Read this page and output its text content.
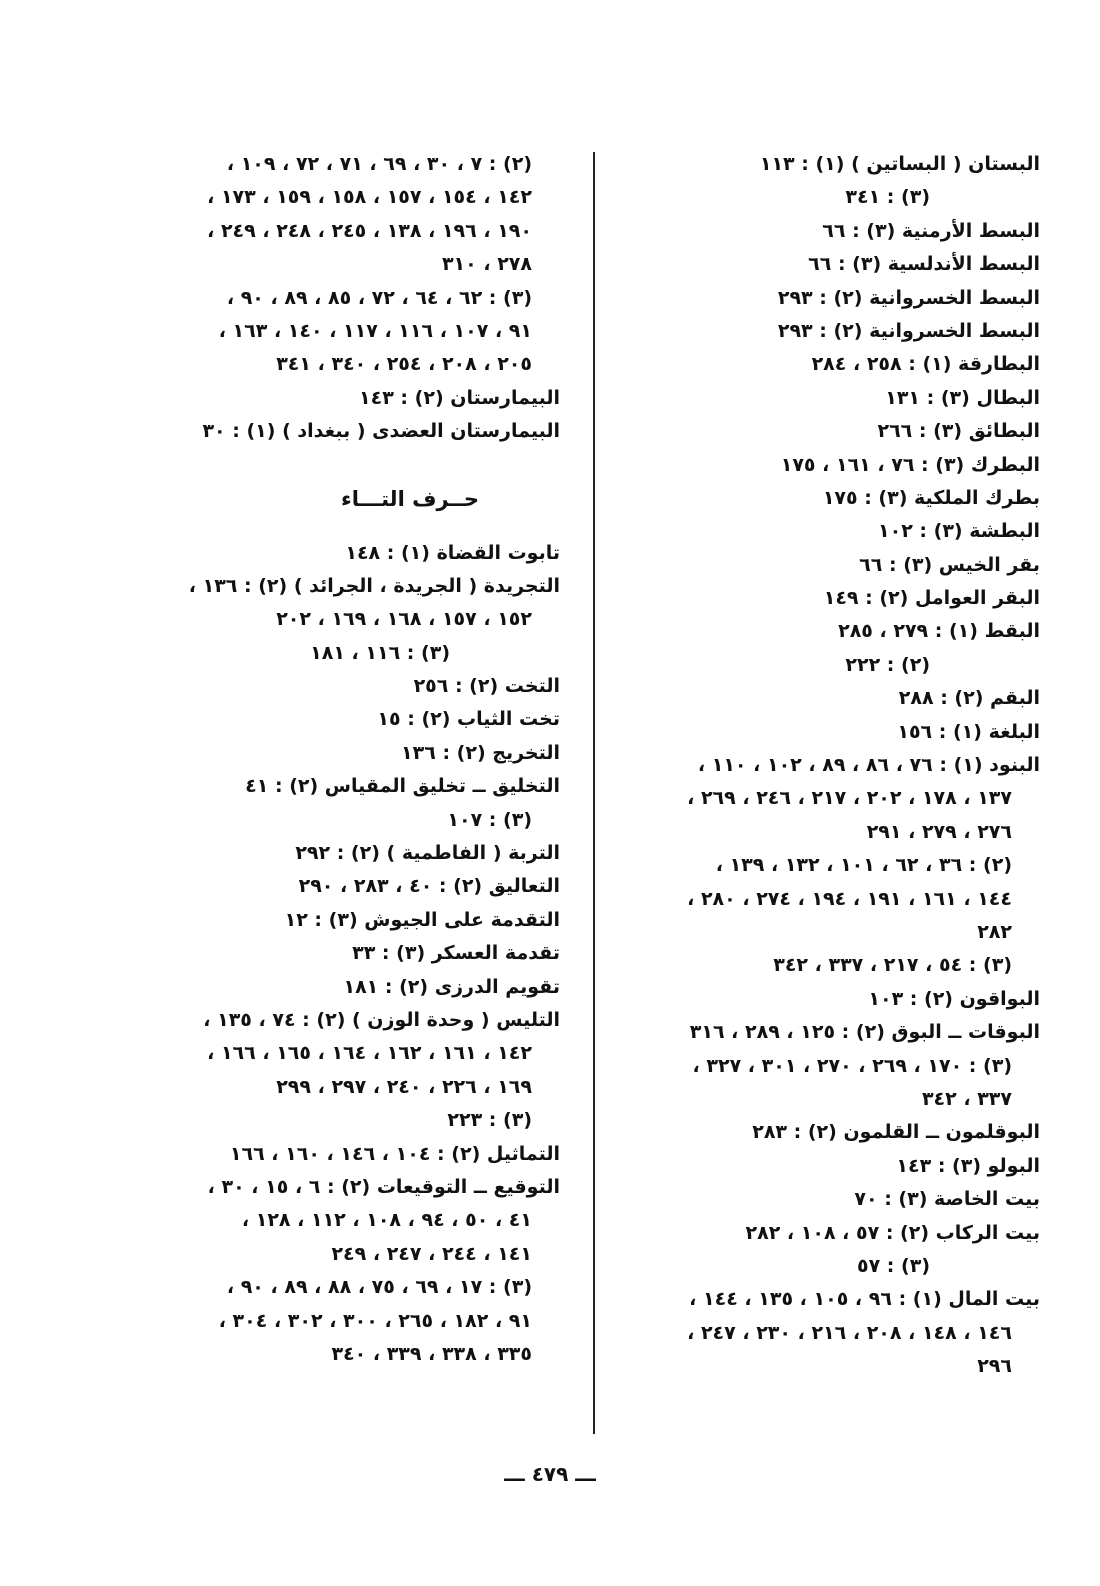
البستان ( البساتين ) (١) : ١١٣
(٣) : ٣٤١
البسط الأرمنية (٣) : ٦٦
البسط الأندلسية (٣) : ٦٦
البسط الخسروانية (٢) : ٢٩٣
البسط الخسروانية (٢) : ٢٩٣
البطارقة (١) : ٢٥٨ ، ٢٨٤
البطال (٣) : ١٣١
البطائق (٣) : ٢٦٦
البطرك (٣) : ٧٦ ، ١٦١ ، ١٧٥
بطرك الملكية (٣) : ١٧٥
البطشة (٣) : ١٠٢
بقر الخيس (٣) : ٦٦
البقر العوامل (٢) : ١٤٩
البقط (١) : ٢٧٩ ، ٢٨٥
(٢) : ٢٢٢
البقم (٢) : ٢٨٨
البلغة (١) : ١٥٦
البنود (١) : ٧٦ ، ٨٦ ، ٨٩ ، ١٠٢ ، ١١٠ ،
١٣٧ ، ١٧٨ ، ٢٠٢ ، ٢١٧ ، ٢٤٦ ، ٢٦٩ ،
٢٧٦ ، ٢٧٩ ، ٢٩١
(٢) : ٣٦ ، ٦٢ ، ١٠١ ، ١٣٢ ، ١٣٩ ،
١٤٤ ، ١٦١ ، ١٩١ ، ١٩٤ ، ٢٧٤ ، ٢٨٠ ،
٢٨٢
(٣) : ٥٤ ، ٢١٧ ، ٣٣٧ ، ٣٤٢
البواقون (٢) : ١٠٣
البوقات ــ البوق (٢) : ١٢٥ ، ٢٨٩ ، ٣١٦
(٣) : ١٧٠ ، ٢٦٩ ، ٢٧٠ ، ٣٠١ ، ٣٢٧ ،
٣٣٧ ، ٣٤٢
البوقلمون ــ القلمون (٢) : ٢٨٣
البولو (٣) : ١٤٣
بيت الخاصة (٣) : ٧٠
بيت الركاب (٢) : ٥٧ ، ١٠٨ ، ٢٨٢
(٣) : ٥٧
بيت المال (١) : ٩٦ ، ١٠٥ ، ١٣٥ ، ١٤٤ ،
١٤٦ ، ١٤٨ ، ٢٠٨ ، ٢١٦ ، ٢٣٠ ، ٢٤٧ ،
٢٩٦
(٢) : ٧ ، ٣٠ ، ٦٩ ، ٧١ ، ٧٢ ، ١٠٩ ،
١٤٢ ، ١٥٤ ، ١٥٧ ، ١٥٨ ، ١٥٩ ، ١٧٣ ،
١٩٠ ، ١٩٦ ، ١٣٨ ، ٢٤٥ ، ٢٤٨ ، ٢٤٩ ،
٢٧٨ ، ٣١٠
(٣) : ٦٢ ، ٦٤ ، ٧٢ ، ٨٥ ، ٨٩ ، ٩٠ ،
٩١ ، ١٠٧ ، ١١٦ ، ١١٧ ، ١٤٠ ، ١٦٣ ،
٢٠٥ ، ٢٠٨ ، ٢٥٤ ، ٣٤٠ ، ٣٤١
البيمارستان (٢) : ١٤٣
البيمارستان العضدى ( ببغداد ) (١) : ٣٠
حــرف التـــاء
تابوت القضاة (١) : ١٤٨
التجريدة ( الجريدة ، الجرائد ) (٢) : ١٣٦ ،
١٥٢ ، ١٥٧ ، ١٦٨ ، ١٦٩ ، ٢٠٢
(٣) : ١١٦ ، ١٨١
التخت (٢) : ٢٥٦
تخت الثياب (٢) : ١٥
التخريج (٢) : ١٣٦
التخليق ــ تخليق المقياس (٢) : ٤١
(٣) : ١٠٧
التربة ( الفاطمية ) (٢) : ٢٩٢
التعاليق (٢) : ٤٠ ، ٢٨٣ ، ٢٩٠
التقدمة على الجيوش (٣) : ١٢
تقدمة العسكر (٣) : ٣٣
تقويم الدرزى (٢) : ١٨١
التليس ( وحدة الوزن ) (٢) : ٧٤ ، ١٣٥ ،
١٤٢ ، ١٦١ ، ١٦٢ ، ١٦٤ ، ١٦٥ ، ١٦٦ ،
١٦٩ ، ٢٢٦ ، ٢٤٠ ، ٢٩٧ ، ٢٩٩
(٣) : ٢٢٣
التماثيل (٢) : ١٠٤ ، ١٤٦ ، ١٦٠ ، ١٦٦
التوقيع ــ التوقيعات (٢) : ٦ ، ١٥ ، ٣٠ ،
٤١ ، ٥٠ ، ٩٤ ، ١٠٨ ، ١١٢ ، ١٢٨ ،
١٤١ ، ٢٤٤ ، ٢٤٧ ، ٢٤٩
(٣) : ١٧ ، ٦٩ ، ٧٥ ، ٨٨ ، ٨٩ ، ٩٠ ،
٩١ ، ١٨٢ ، ٢٦٥ ، ٣٠٠ ، ٣٠٢ ، ٣٠٤ ،
٣٣٥ ، ٣٣٨ ، ٣٣٩ ، ٣٤٠
ـــ ٤٧٩ ـــ
